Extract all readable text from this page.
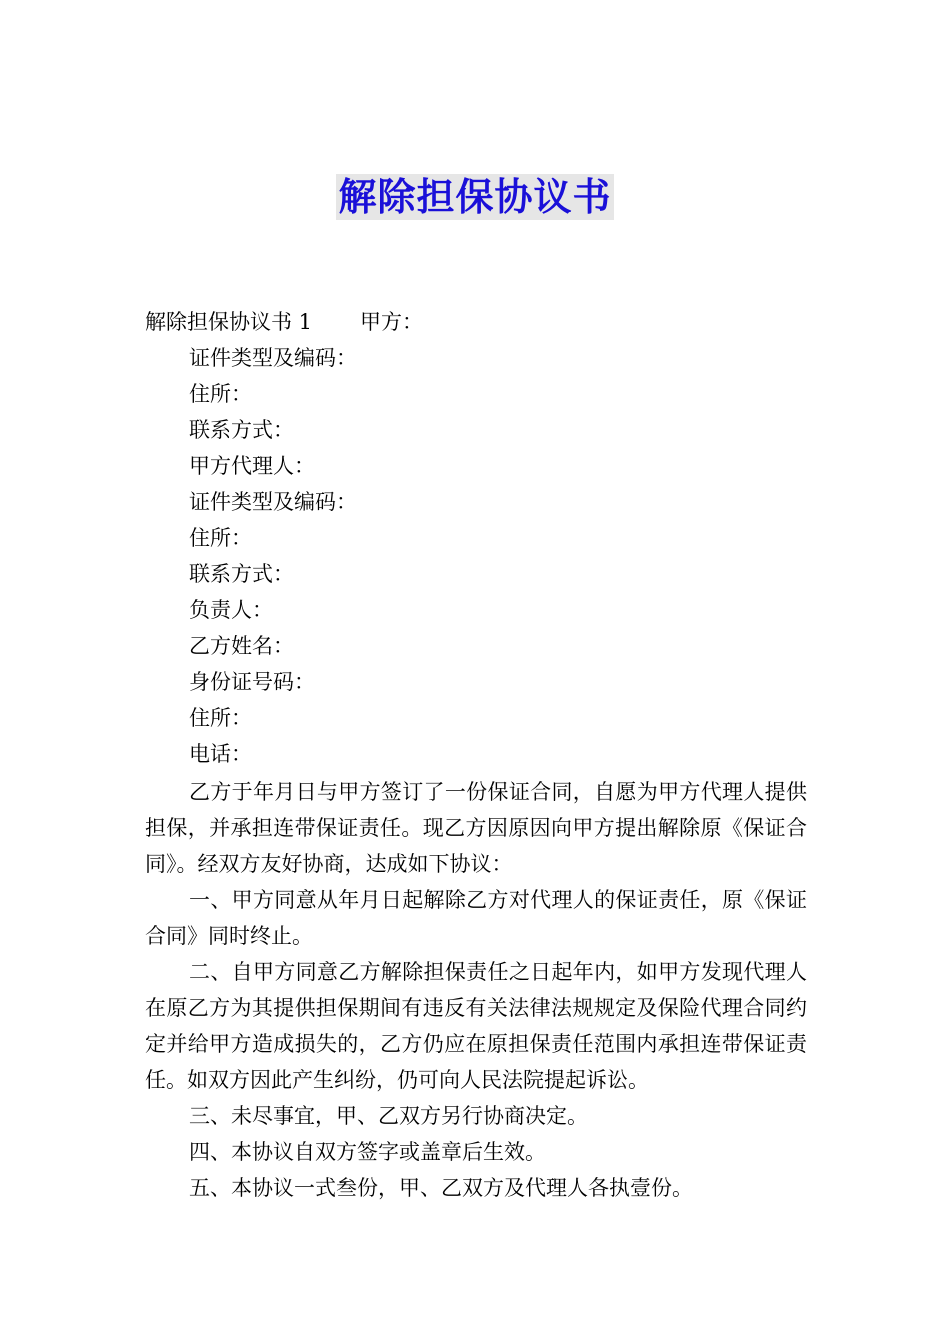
解除担保协议书
解除担保协议书 1 甲方：
证件类型及编码：
住所：
联系方式：
甲方代理人：
证件类型及编码：
住所：
联系方式：
负责人：
乙方姓名：
身份证号码：
住所：
电话：

乙方于年月日与甲方签订了一份保证合同，自愿为甲方代理人提供担保，并承担连带保证责任。现乙方因原因向甲方提出解除原《保证合同》。经双方友好协商，达成如下协议：

一、甲方同意从年月日起解除乙方对代理人的保证责任，原《保证合同》同时终止。

二、自甲方同意乙方解除担保责任之日起年内，如甲方发现代理人在原乙方为其提供担保期间有违反有关法律法规规定及保险代理合同约定并给甲方造成损失的，乙方仍应在原担保责任范围内承担连带保证责任。如双方因此产生纠纷，仍可向人民法院提起诉讼。

三、未尽事宜，甲、乙双方另行协商决定。

四、本协议自双方签字或盖章后生效。

五、本协议一式叁份，甲、乙双方及代理人各执壹份。
